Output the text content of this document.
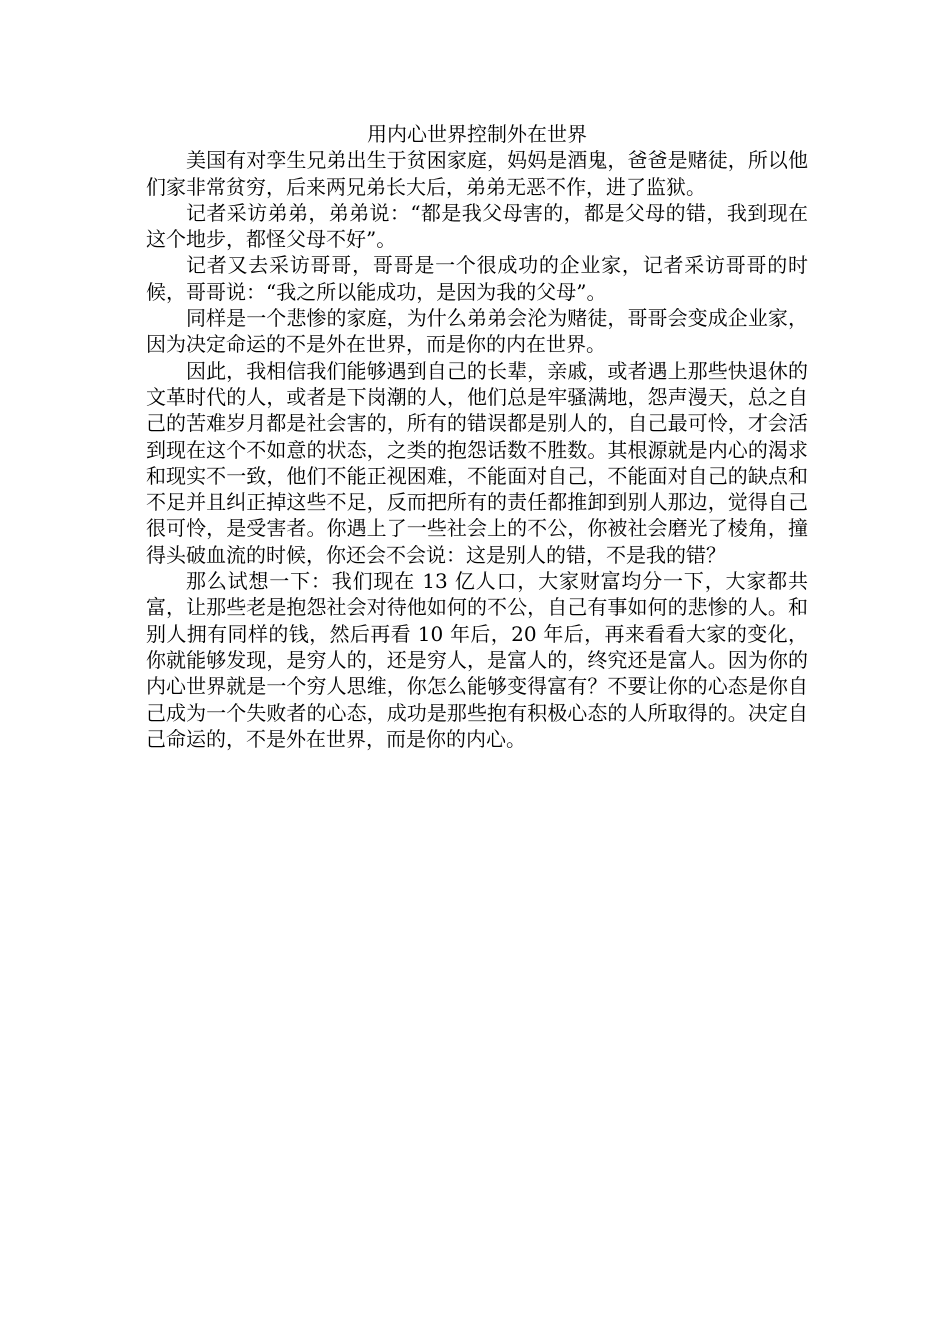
用内心世界控制外在世界

美国有对孪生兄弟出生于贫困家庭，妈妈是酒鬼，爸爸是赌徒，所以他们家非常贫穷，后来两兄弟长大后，弟弟无恶不作，进了监狱。

记者采访弟弟，弟弟说：“都是我父母害的，都是父母的错，我到现在这个地步，都怪父母不好”。

记者又去采访哥哥，哥哥是一个很成功的企业家，记者采访哥哥的时候，哥哥说：“我之所以能成功，是因为我的父母”。

同样是一个悲惨的家庭，为什么弟弟会沦为赌徒，哥哥会变成企业家，因为决定命运的不是外在世界，而是你的内在世界。

因此，我相信我们能够遇到自己的长辈，亲戚，或者遇上那些快退休的文革时代的人，或者是下岗潮的人，他们总是牢骚满地，怨声漫天，总之自己的苦难岁月都是社会害的，所有的错误都是别人的，自己最可怜，才会活到现在这个不如意的状态，之类的抱怨话数不胜数。其根源就是内心的渴求和现实不一致，他们不能正视困难，不能面对自己，不能面对自己的缺点和不足并且纠正掉这些不足，反而把所有的责任都推卸到别人那边，觉得自己很可怜，是受害者。你遇上了一些社会上的不公，你被社会磨光了棱角，撞得头破血流的时候，你还会不会说：这是别人的错，不是我的错？

那么试想一下：我们现在 13 亿人口，大家财富均分一下，大家都共富，让那些老是抱怨社会对待他如何的不公，自己有事如何的悲惨的人。和别人拥有同样的钱，然后再看 10 年后，20 年后，再来看看大家的变化，你就能够发现，是穷人的，还是穷人，是富人的，终究还是富人。因为你的内心世界就是一个穷人思维，你怎么能够变得富有？不要让你的心态是你自己成为一个失败者的心态，成功是那些抱有积极心态的人所取得的。决定自己命运的，不是外在世界，而是你的内心。
